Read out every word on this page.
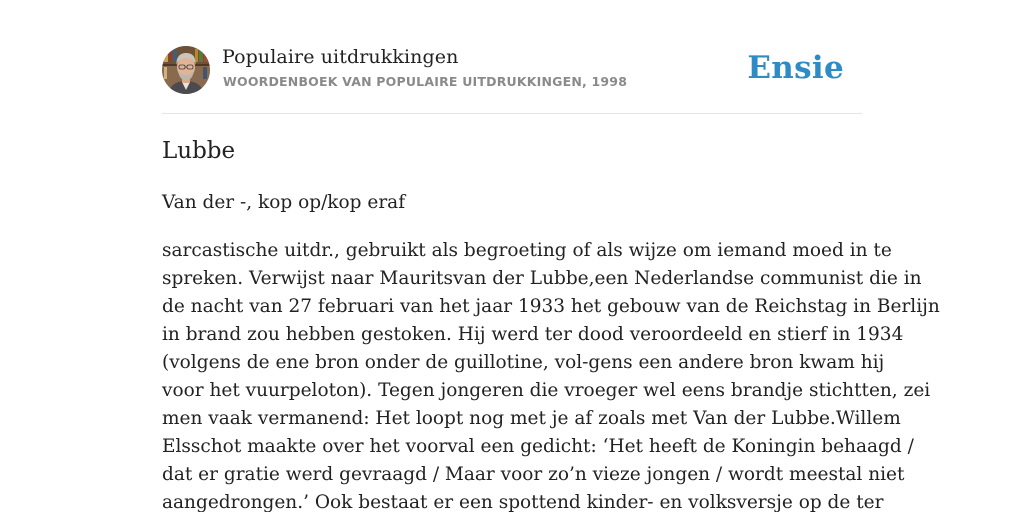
Populaire uitdrukkingen
WOORDENBOEK VAN POPULAIRE UITDRUKKINGEN, 1998	Ensie
Lubbe
Van der -, kop op/kop eraf
sarcastische uitdr., gebruikt als begroeting of als wijze om iemand moed in te
spreken. Verwijst naar Mauritsvan der Lubbe,een Nederlandse communist die in
de nacht van 27 februari van het jaar 1933 het gebouw van de Reichstag in Berlijn
in brand zou hebben gestoken. Hij werd ter dood veroordeeld en stierf in 1934
(volgens de ene bron onder de guillotine, vol-gens een andere bron kwam hij
voor het vuurpeloton). Tegen jongeren die vroeger wel eens brandje stichtten, zei
men vaak vermanend: Het loopt nog met je af zoals met Van der Lubbe.Willem
Elsschot maakte over het voorval een gedicht: ‘Het heeft de Koningin behaagd /
dat er gratie werd gevraagd / Maar voor zo’n vieze jongen / wordt meestal niet
aangedrongen.’ Ook bestaat er een spottend kinder- en volksversje op de ter
